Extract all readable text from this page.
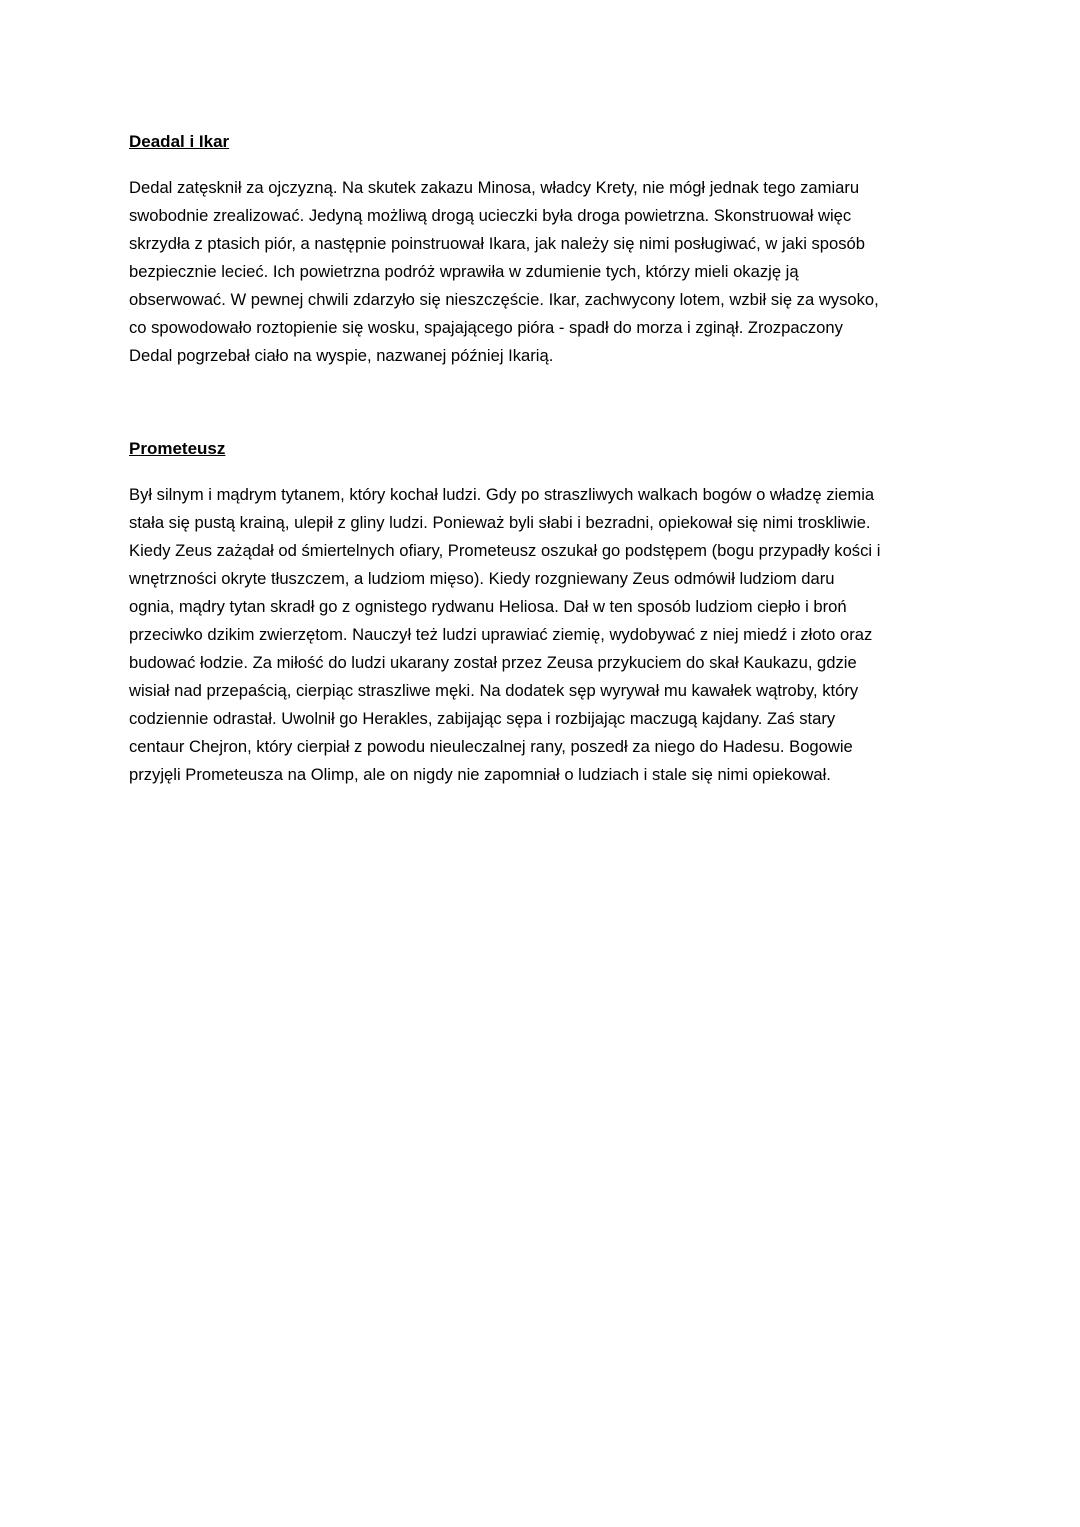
Deadal i Ikar
Dedal zatęsknił za ojczyzną. Na skutek zakazu Minosa, władcy Krety, nie mógł jednak tego zamiaru
swobodnie zrealizować. Jedyną możliwą drogą ucieczki była droga powietrzna. Skonstruował więc
skrzydła z ptasich piór, a następnie poinstruował Ikara, jak należy się nimi posługiwać, w jaki sposób
bezpiecznie lecieć. Ich powietrzna podróż wprawiła w zdumienie tych, którzy mieli okazję ją
obserwować. W pewnej chwili zdarzyło się nieszczęście. Ikar, zachwycony lotem, wzbił się za wysoko,
co spowodowało roztopienie się wosku, spajającego pióra - spadł do morza i zginął. Zrozpaczony
Dedal pogrzebał ciało na wyspie, nazwanej później Ikarią.
Prometeusz
Był silnym i mądrym tytanem, który kochał ludzi. Gdy po straszliwych walkach bogów o władzę ziemia
stała się pustą krainą, ulepił z gliny ludzi. Ponieważ byli słabi i bezradni, opiekował się nimi troskliwie.
Kiedy Zeus zażądał od śmiertelnych ofiary, Prometeusz oszukał go podstępem (bogu przypadły kości i
wnętrzności okryte tłuszczem, a ludziom mięso). Kiedy rozgniewany Zeus odmówił ludziom daru
ognia, mądry tytan skradł go z ognistego rydwanu Heliosa. Dał w ten sposób ludziom ciepło i broń
przeciwko dzikim zwierzętom. Nauczył też ludzi uprawiać ziemię, wydobywać z niej miedź i złoto oraz
budować łodzie. Za miłość do ludzi ukarany został przez Zeusa przykuciem do skał Kaukazu, gdzie
wisiał nad przepaścią, cierpiąc straszliwe męki. Na dodatek sęp wyrywał mu kawałek wątroby, który
codziennie odrastał. Uwolnił go Herakles, zabijając sępa i rozbijając maczugą kajdany. Zaś stary
centaur Chejron, który cierpiał z powodu nieuleczalnej rany, poszedł za niego do Hadesu. Bogowie
przyjęli Prometeusza na Olimp, ale on nigdy nie zapomniał o ludziach i stale się nimi opiekował.
